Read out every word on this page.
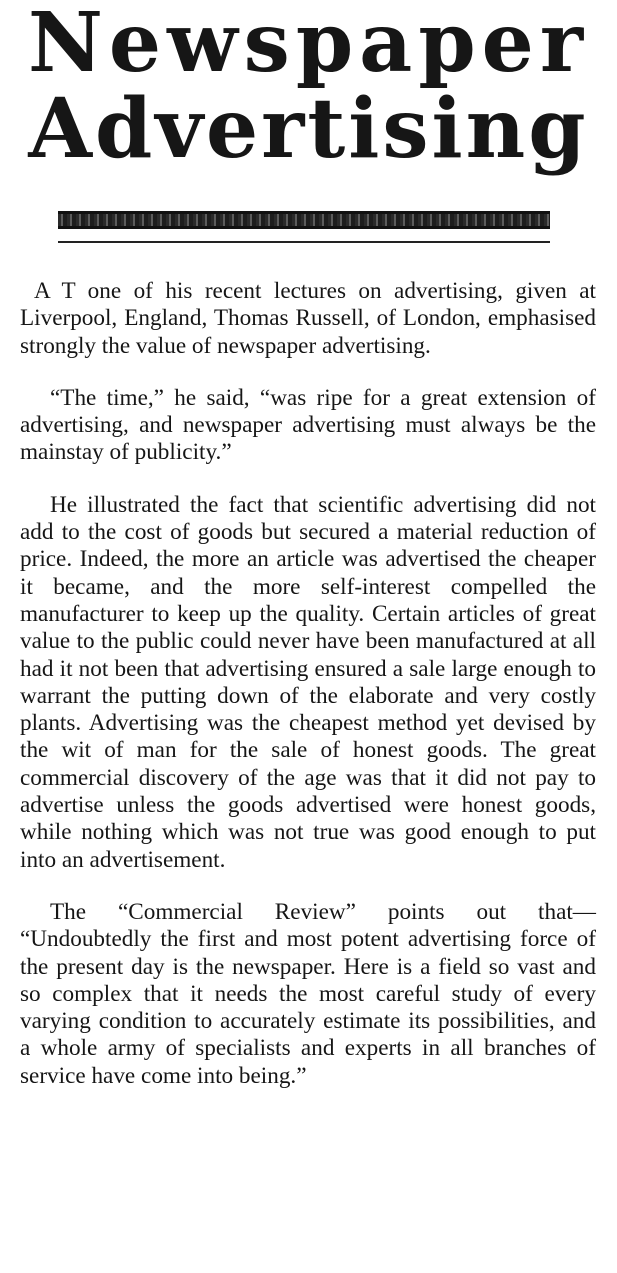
Newspaper
Advertising

A T one of his recent lectures on advertising, given at Liverpool, England, Thomas Russell, of London, emphasised strongly the value of newspaper advertising.

“The time,” he said, “was ripe for a great extension of advertising, and newspaper advertising must always be the mainstay of publicity.”

He illustrated the fact that scientific advertising did not add to the cost of goods but secured a material reduction of price. Indeed, the more an article was advertised the cheaper it became, and the more self-interest compelled the manufacturer to keep up the quality. Certain articles of great value to the public could never have been manufactured at all had it not been that advertising ensured a sale large enough to warrant the putting down of the elaborate and very costly plants. Advertising was the cheapest method yet devised by the wit of man for the sale of honest goods. The great commercial discovery of the age was that it did not pay to advertise unless the goods advertised were honest goods, while nothing which was not true was good enough to put into an advertisement.

The “Commercial Review” points out that— “Undoubtedly the first and most potent advertising force of the present day is the newspaper. Here is a field so vast and so complex that it needs the most careful study of every varying condition to accurately estimate its possibilities, and a whole army of specialists and experts in all branches of service have come into being.”
